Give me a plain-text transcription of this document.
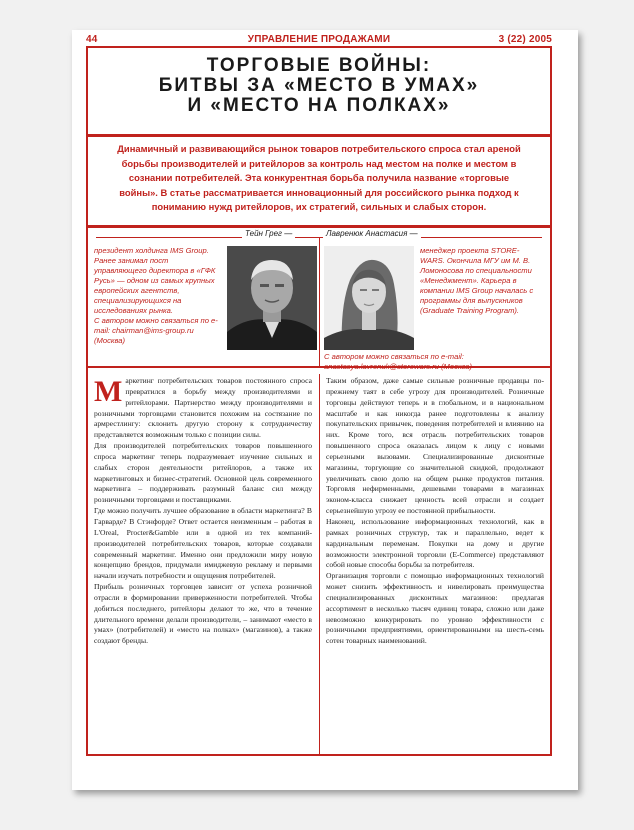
44	УПРАВЛЕНИЕ ПРОДАЖАМИ	3 (22) 2005
ТОРГОВЫЕ ВОЙНЫ:
БИТВЫ ЗА «МЕСТО В УМАХ»
И «МЕСТО НА ПОЛКАХ»
Динамичный и развивающийся рынок товаров потребительского спроса стал ареной борьбы производителей и ритейлоров за контроль над местом на полке и местом в сознании потребителей. Эта конкурентная борьба получила название «торговые войны». В статье рассматривается инновационный для российского рынка подход к пониманию нужд ритейлоров, их стратегий, сильных и слабых сторон.
Тейн Грег —	Лавренюк Анастасия —
президент холдинга IMS Group. Ранее занимал пост управляющего директора в «ГФК Русь» — одном из самых крупных европейских агентств, специализирующихся на исследованиях рынка.
С автором можно связаться по e-mail: chairman@ims-group.ru (Москва)
менеджер проекта STORE-WARS. Окончила МГУ им М. В. Ломоносова по специальности «Менеджмент». Карьера в компании IMS Group началась с программы для выпускников (Graduate Training Program).
С автором можно связаться по e-mail:

Маркетинг потребительских товаров постоянного спроса превратился в борьбу между производителями и ритейлорами. Партнерство между производителями и розничными торговцами становится похожим на состязание по армрестлингу: склонить другую сторону к сотрудничеству представляется возможным только с позиции силы.

Для производителей потребительских товаров повышенного спроса маркетинг теперь подразумевает изучение сильных и слабых сторон деятельности ритейлоров, а также их маркетинговых и бизнес-стратегий. Основной цель современного маркетинга – поддерживать разумный баланс сил между розничными торговцами и поставщиками.

Где можно получить лучшее образование в области маркетинга? В Гарварде? В Стэнфорде? Ответ остается неизменным – работая в L'Oreal, Procter&Gamble или в одной из тех компаний-производителей потребительских товаров, которые создавали современный маркетинг. Именно они предложили миру новую концепцию брендов, придумали имиджевую рекламу и первыми начали изучать потребности и ощущения потребителей.

Прибыль розничных торговцев зависит от успеха розничной отрасли в формировании приверженности потребителей. Чтобы добиться последнего, ритейлоры делают то же, что в течение длительного времени делали производители, – занимают «место в умах» (потребителей) и «место на полках» (магазинов), а также создают бренды.

Таким образом, даже самые сильные розничные продавцы по-прежнему таят в себе угрозу для производителей. Розничные торговцы действуют теперь и в глобальном, и в национальном масштабе и как никогда ранее подготовлены к анализу покупательских привычек, поведения потребителей и влиянию на них. Кроме того, вся отрасль потребительских товаров повышенного спроса оказалась лицом к лицу с новыми серьезными вызовами. Специализированные дисконтные магазины, торгующие со значительной скидкой, продолжают увеличивать свою долю на общем рынке продуктов питания. Торговля нефирменными, дешевыми товарами в магазинах эконом-класса снижает ценность всей отрасли и создает серьезнейшую угрозу ее постоянной прибыльности.

Наконец, использование информационных технологий, как в рамках розничных структур, так и параллельно, ведет к кардинальным переменам. Покупки на дому и другие возможности электронной торговли (E-Commerce) представляют собой новые способы борьбы за потребителя.

Организация торговли с помощью информационных технологий может снизить эффективность и нивелировать преимущества специализированных дисконтных магазинов: предлагая ассортимент в несколько тысяч единиц товара, сложно или даже невозможно конкурировать по уровню эффективности с розничными предприятиями, ориентированными на шесть-семь сотен товарных наименований.
